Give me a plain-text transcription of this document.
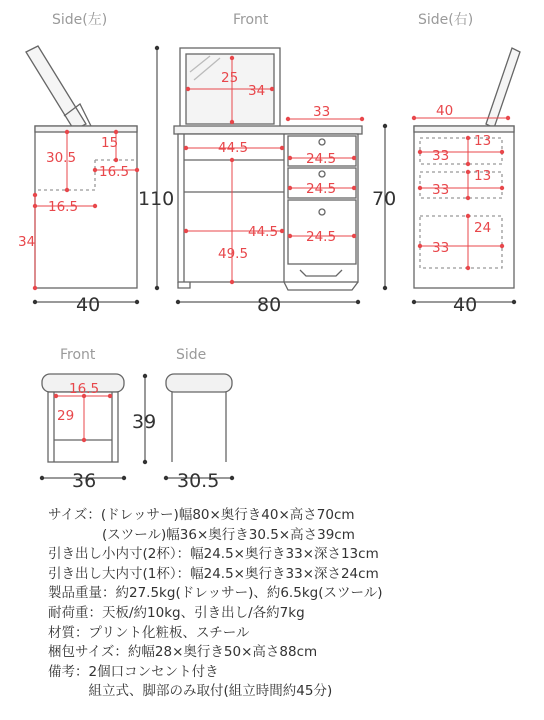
Side(左)	Front	Side(右)
15
30.5
16.5
16.5
34
40
25
34
33
44.5
24.5
24.5
44.5 24.5
49.5
110
80
70
40
13
33
13
33
24
33
40
Front	Side
16.5
29	39
36	30.5
サイズ：(ドレッサー)幅80×奥行き40×高さ70cm
　　　　(スツール)幅36×奥行き30.5×高さ39cm
引き出し小内寸(2杯）：幅24.5×奥行き33×深さ13cm
引き出し大内寸(1杯）：幅24.5×奥行き33×深さ24cm
製品重量：約27.5kg(ドレッサー)、約6.5kg(スツール)
耐荷重：天板/約10kg、引き出し/各約7kg
材質：プリント化粧板、スチール
梱包サイズ：約幅28×奥行き50×高さ88cm
備考：2個口コンセント付き
　　　組立式、脚部のみ取付(組立時間約45分)
